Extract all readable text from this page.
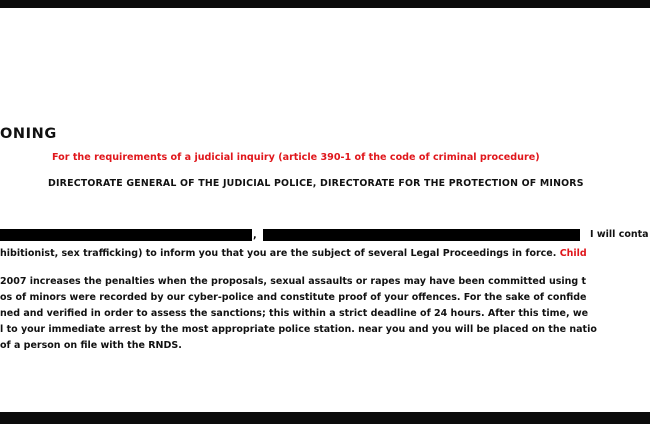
ONING
For the requirements of a judicial inquiry (article 390-1 of the code of criminal procedure)
DIRECTORATE GENERAL OF THE JUDICIAL POLICE, DIRECTORATE FOR THE PROTECTION OF MINORS
,	I will conta
hibitionist, sex trafficking) to inform you that you are the subject of several Legal Proceedings in force. Child
2007 increases the penalties when the proposals, sexual assaults or rapes may have been committed using t
os of minors were recorded by our cyber-police and constitute proof of your offences. For the sake of confide
ned and verified in order to assess the sanctions; this within a strict deadline of 24 hours. After this time, we
l to your immediate arrest by the most appropriate police station. near you and you will be placed on the natio
of a person on file with the RNDS.
